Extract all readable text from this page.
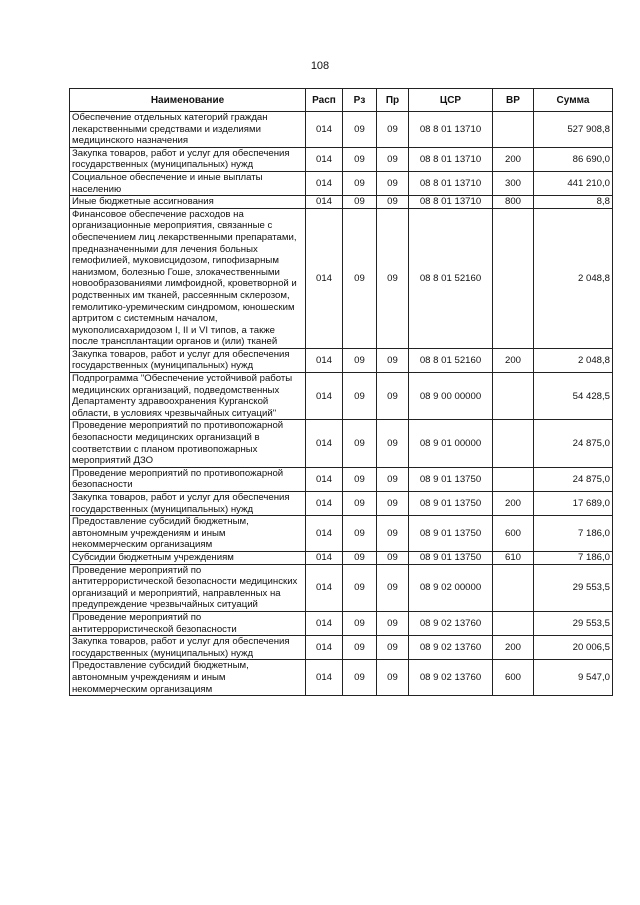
108
Наименование	Расп	Рз	Пр	ЦСР	ВР	Сумма
Обеспечение отдельных категорий граждан лекарственными средствами и изделиями медицинского назначения	014	09	09	08 8 01 13710		527 908,8
Закупка товаров, работ и услуг для обеспечения государственных (муниципальных) нужд	014	09	09	08 8 01 13710	200	86 690,0
Социальное обеспечение и иные выплаты населению	014	09	09	08 8 01 13710	300	441 210,0
Иные бюджетные ассигнования	014	09	09	08 8 01 13710	800	8,8
Финансовое обеспечение расходов на организационные мероприятия, связанные с обеспечением лиц лекарственными препаратами, предназначенными для лечения больных гемофилией, муковисцидозом, гипофизарным нанизмом, болезнью Гоше, злокачественными новообразованиями лимфоидной, кроветворной и родственных им тканей, рассеянным склерозом, гемолитико-уремическим синдромом, юношеским артритом с системным началом, мукополисахаридозом I, II и VI типов, а также после трансплантации органов и (или) тканей	014	09	09	08 8 01 52160		2 048,8
Закупка товаров, работ и услуг для обеспечения государственных (муниципальных) нужд	014	09	09	08 8 01 52160	200	2 048,8
Подпрограмма "Обеспечение устойчивой работы медицинских организаций, подведомственных Департаменту здравоохранения Курганской области, в условиях чрезвычайных ситуаций"	014	09	09	08 9 00 00000		54 428,5
Проведение мероприятий по противопожарной безопасности медицинских организаций в соответствии с планом противопожарных мероприятий ДЗО	014	09	09	08 9 01 00000		24 875,0
Проведение мероприятий по противопожарной безопасности	014	09	09	08 9 01 13750		24 875,0
Закупка товаров, работ и услуг для обеспечения государственных (муниципальных) нужд	014	09	09	08 9 01 13750	200	17 689,0
Предоставление субсидий бюджетным, автономным учреждениям и иным некоммерческим организациям	014	09	09	08 9 01 13750	600	7 186,0
Субсидии бюджетным учреждениям	014	09	09	08 9 01 13750	610	7 186,0
Проведение мероприятий по антитеррористической безопасности медицинских организаций и мероприятий, направленных на предупреждение чрезвычайных ситуаций	014	09	09	08 9 02 00000		29 553,5
Проведение мероприятий по антитеррористической безопасности	014	09	09	08 9 02 13760		29 553,5
Закупка товаров, работ и услуг для обеспечения государственных (муниципальных) нужд	014	09	09	08 9 02 13760	200	20 006,5
Предоставление субсидий бюджетным, автономным учреждениям и иным некоммерческим организациям	014	09	09	08 9 02 13760	600	9 547,0
